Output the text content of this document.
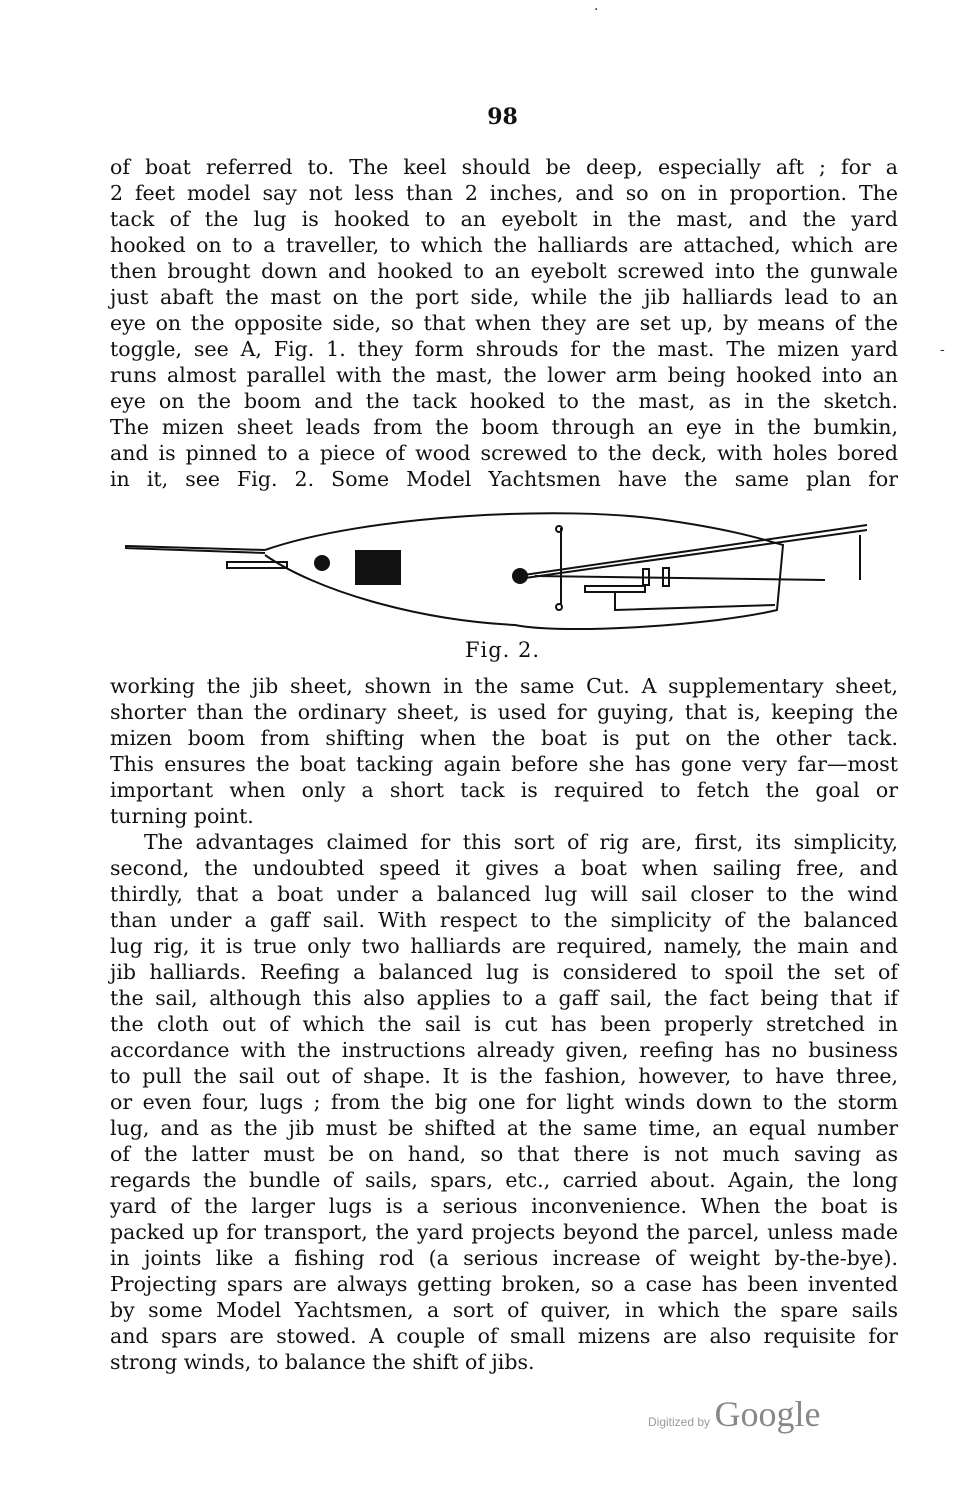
98
of boat referred to. The keel should be deep, especially aft ; for a
2 feet model say not less than 2 inches, and so on in proportion. The
tack of the lug is hooked to an eyebolt in the mast, and the yard
hooked on to a traveller, to which the halliards are attached, which are
then brought down and hooked to an eyebolt screwed into the gunwale
just abaft the mast on the port side, while the jib halliards lead to an
eye on the opposite side, so that when they are set up, by means of the
toggle, see A, Fig. 1. they form shrouds for the mast. The mizen yard
runs almost parallel with the mast, the lower arm being hooked into an
eye on the boom and the tack hooked to the mast, as in the sketch.
The mizen sheet leads from the boom through an eye in the bumkin,
and is pinned to a piece of wood screwed to the deck, with holes bored
in it, see Fig. 2. Some Model Yachtsmen have the same plan for
Fig. 2.
working the jib sheet, shown in the same Cut. A supplementary sheet,
shorter than the ordinary sheet, is used for guying, that is, keeping the
mizen boom from shifting when the boat is put on the other tack.
This ensures the boat tacking again before she has gone very far—most
important when only a short tack is required to fetch the goal or
turning point.
The advantages claimed for this sort of rig are, first, its simplicity,
second, the undoubted speed it gives a boat when sailing free, and
thirdly, that a boat under a balanced lug will sail closer to the wind
than under a gaff sail. With respect to the simplicity of the balanced
lug rig, it is true only two halliards are required, namely, the main and
jib halliards. Reefing a balanced lug is considered to spoil the set of
the sail, although this also applies to a gaff sail, the fact being that if
the cloth out of which the sail is cut has been properly stretched in
accordance with the instructions already given, reefing has no business
to pull the sail out of shape. It is the fashion, however, to have three,
or even four, lugs ; from the big one for light winds down to the storm
lug, and as the jib must be shifted at the same time, an equal number
of the latter must be on hand, so that there is not much saving as
regards the bundle of sails, spars, etc., carried about. Again, the long
yard of the larger lugs is a serious inconvenience. When the boat is
packed up for transport, the yard projects beyond the parcel, unless made
in joints like a fishing rod (a serious increase of weight by-the-bye).
Projecting spars are always getting broken, so a case has been invented
by some Model Yachtsmen, a sort of quiver, in which the spare sails
and spars are stowed. A couple of small mizens are also requisite for
strong winds, to balance the shift of jibs.
·
-
Digitized by Google
